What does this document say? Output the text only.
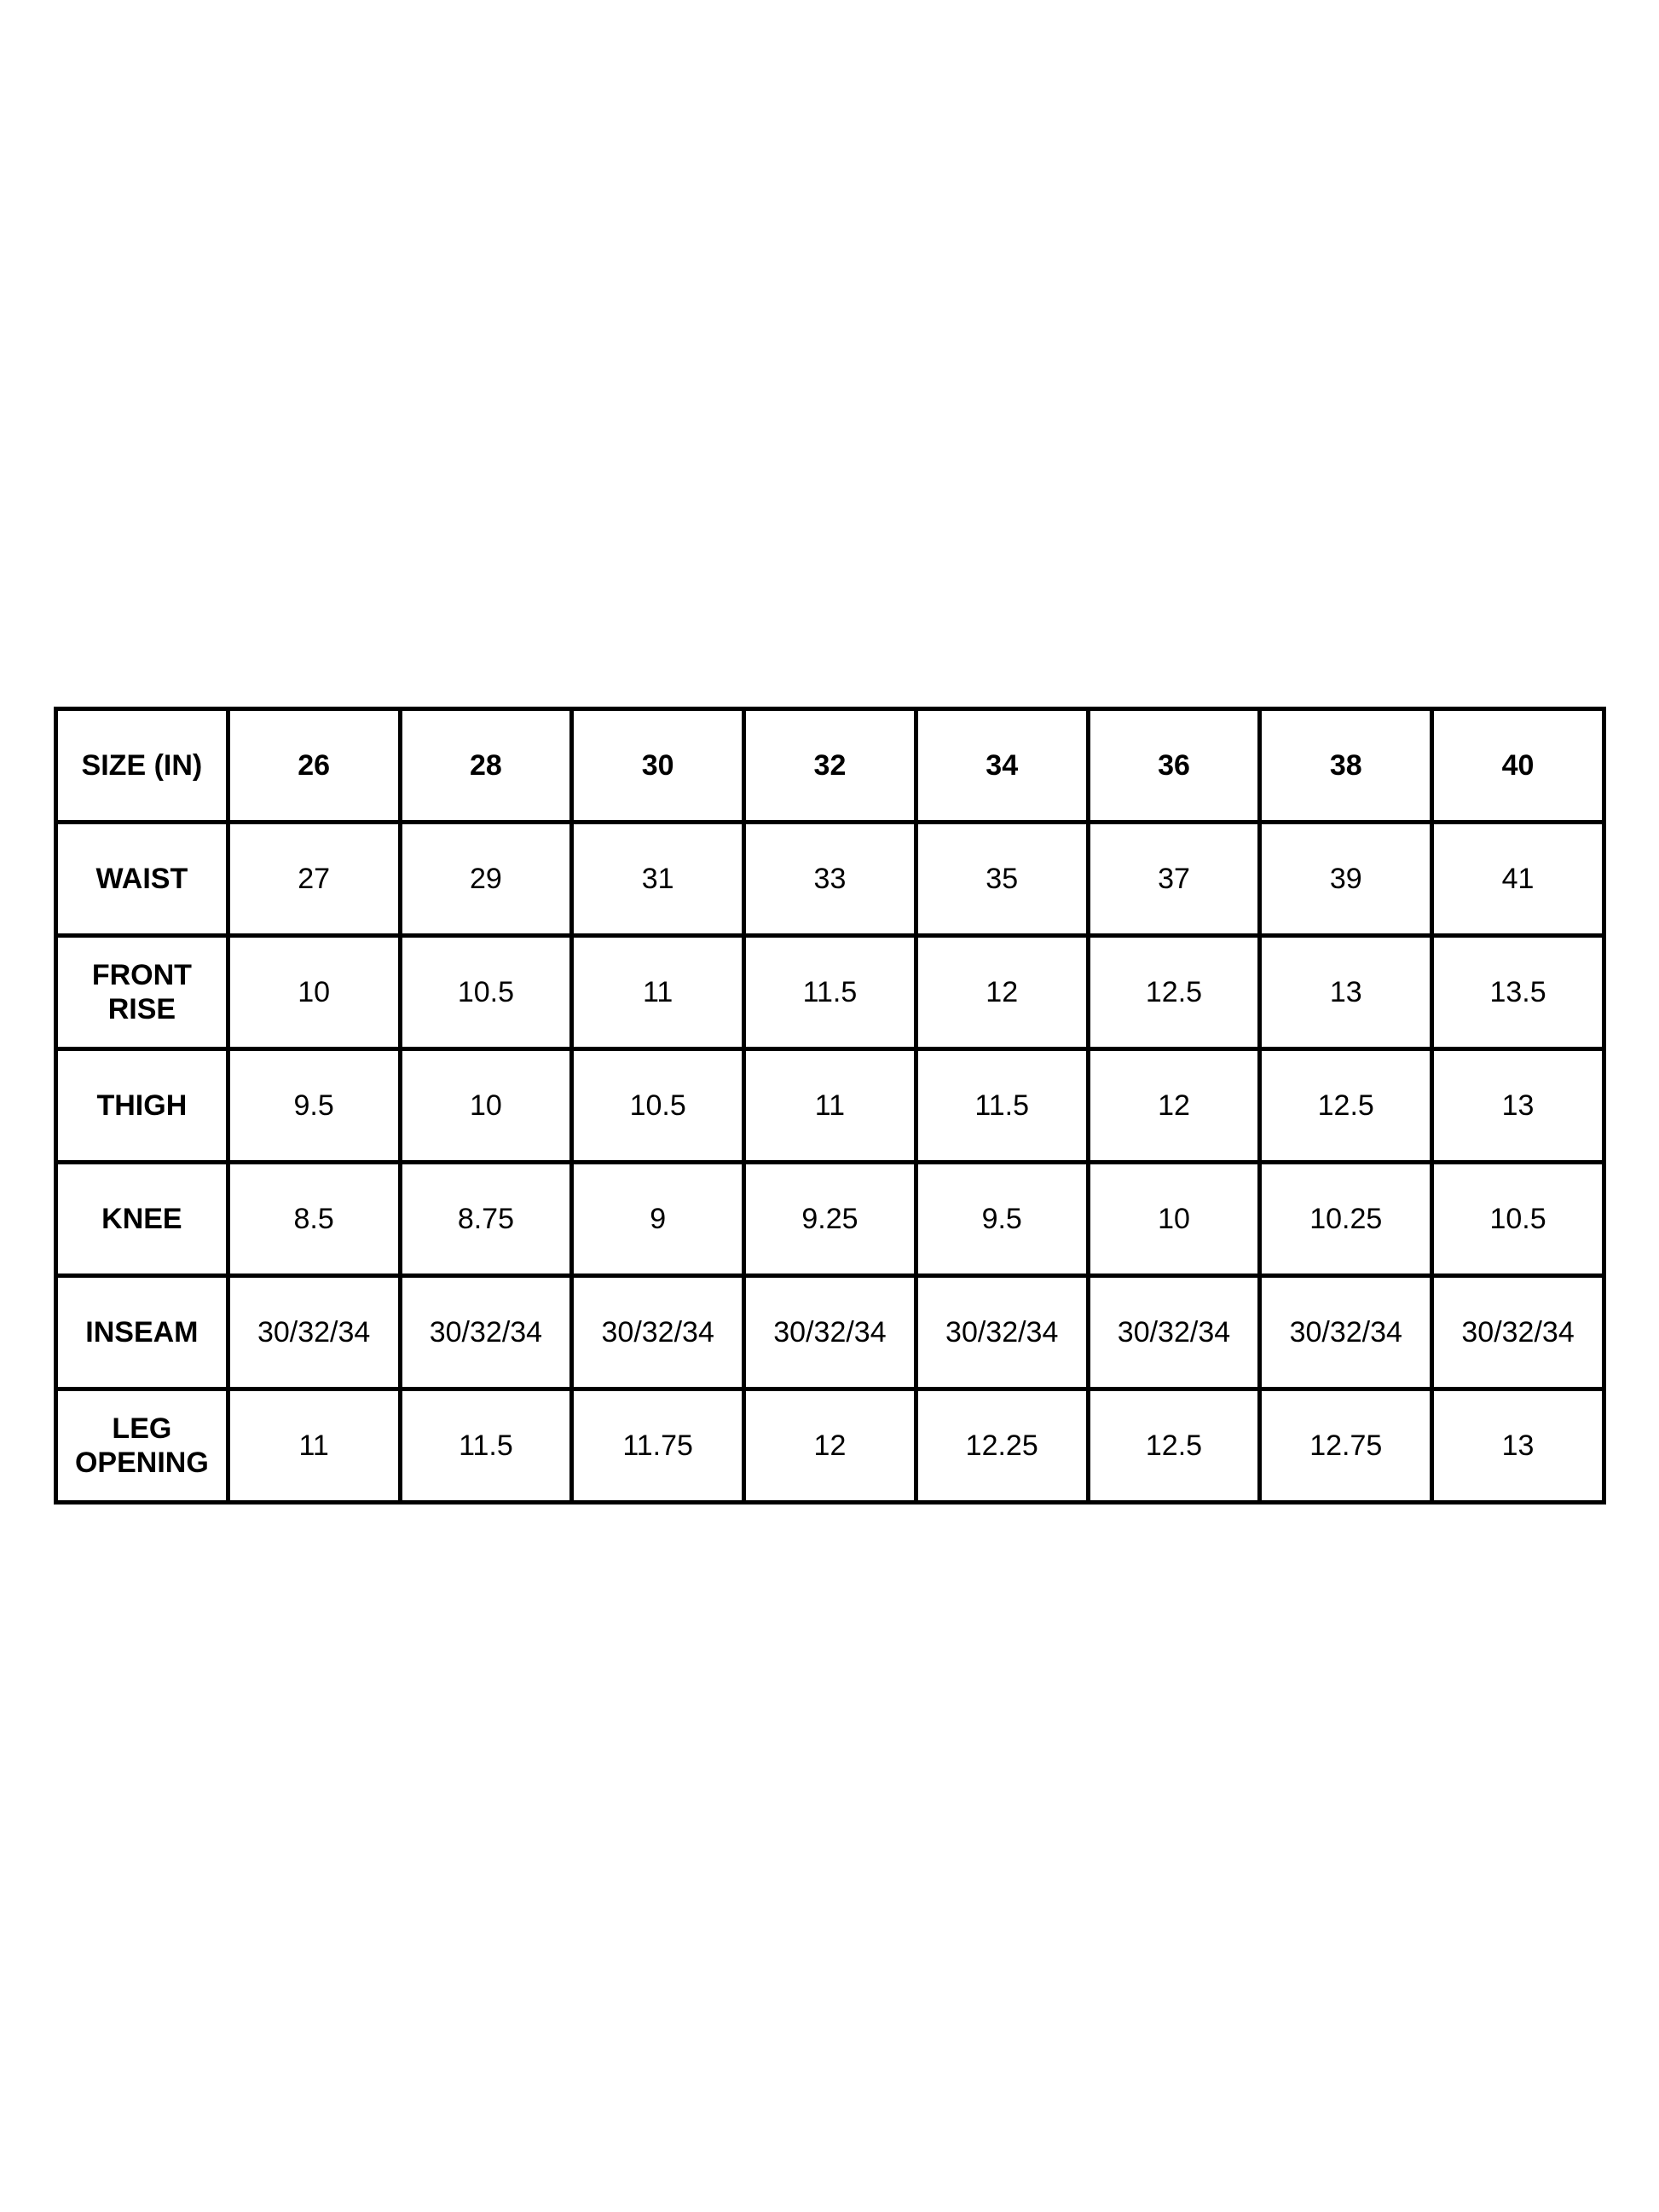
SIZE (IN)	26	28	30	32	34	36	38	40

WAIST	27	29	31	33	35	37	39	41

FRONT
RISE	10	10.5	11	11.5	12	12.5	13	13.5

THIGH	9.5	10	10.5	11	11.5	12	12.5	13

KNEE	8.5	8.75	9	9.25	9.5	10	10.25	10.5

INSEAM	30/32/34	30/32/34	30/32/34	30/32/34	30/32/34	30/32/34	30/32/34	30/32/34

LEG
OPENING	11	11.5	11.75	12	12.25	12.5	12.75	13
